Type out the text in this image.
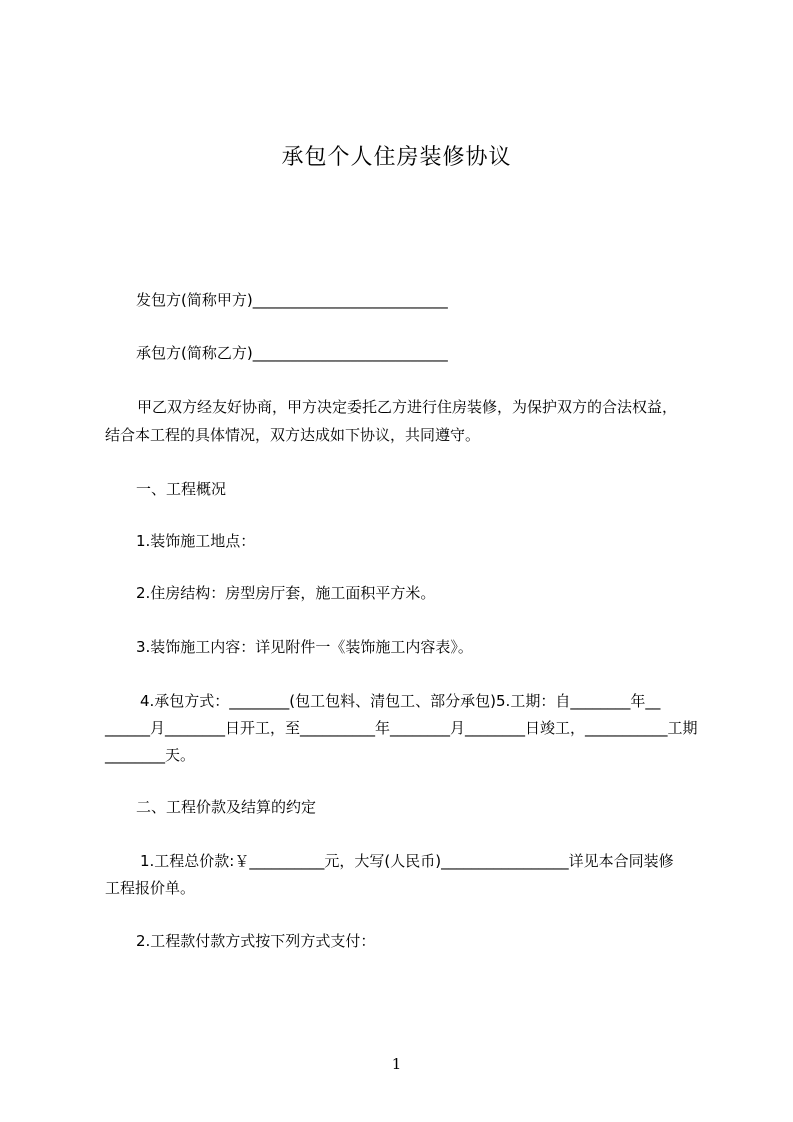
承包个人住房装修协议

发包方(简称甲方)__________________________

承包方(简称乙方)__________________________

甲乙双方经友好协商，甲方决定委托乙方进行住房装修，为保护双方的合法权益，

结合本工程的具体情况，双方达成如下协议，共同遵守。

一、工程概况

1.装饰施工地点：

2.住房结构：房型房厅套，施工面积平方米。

3.装饰施工内容：详见附件一《装饰施工内容表》。

4.承包方式：________(包工包料、清包工、部分承包)5.工期：自________年__

______月________日开工，至__________年________月________日竣工，___________工期

________天。

二、工程价款及结算的约定

1.工程总价款:￥__________元，大写(人民币)_________________详见本合同装修

工程报价单。

2.工程款付款方式按下列方式支付：

1
